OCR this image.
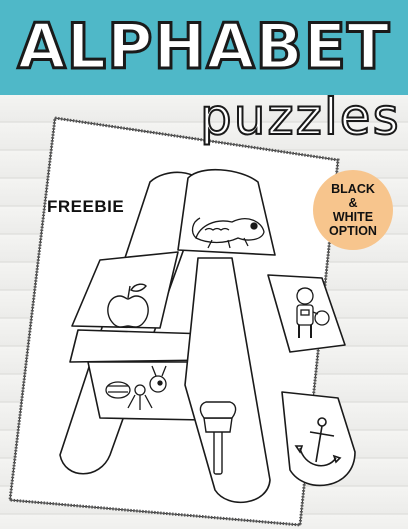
ALPHABET
puzzles
FREEBIE
BLACK
&
WHITE
OPTION
